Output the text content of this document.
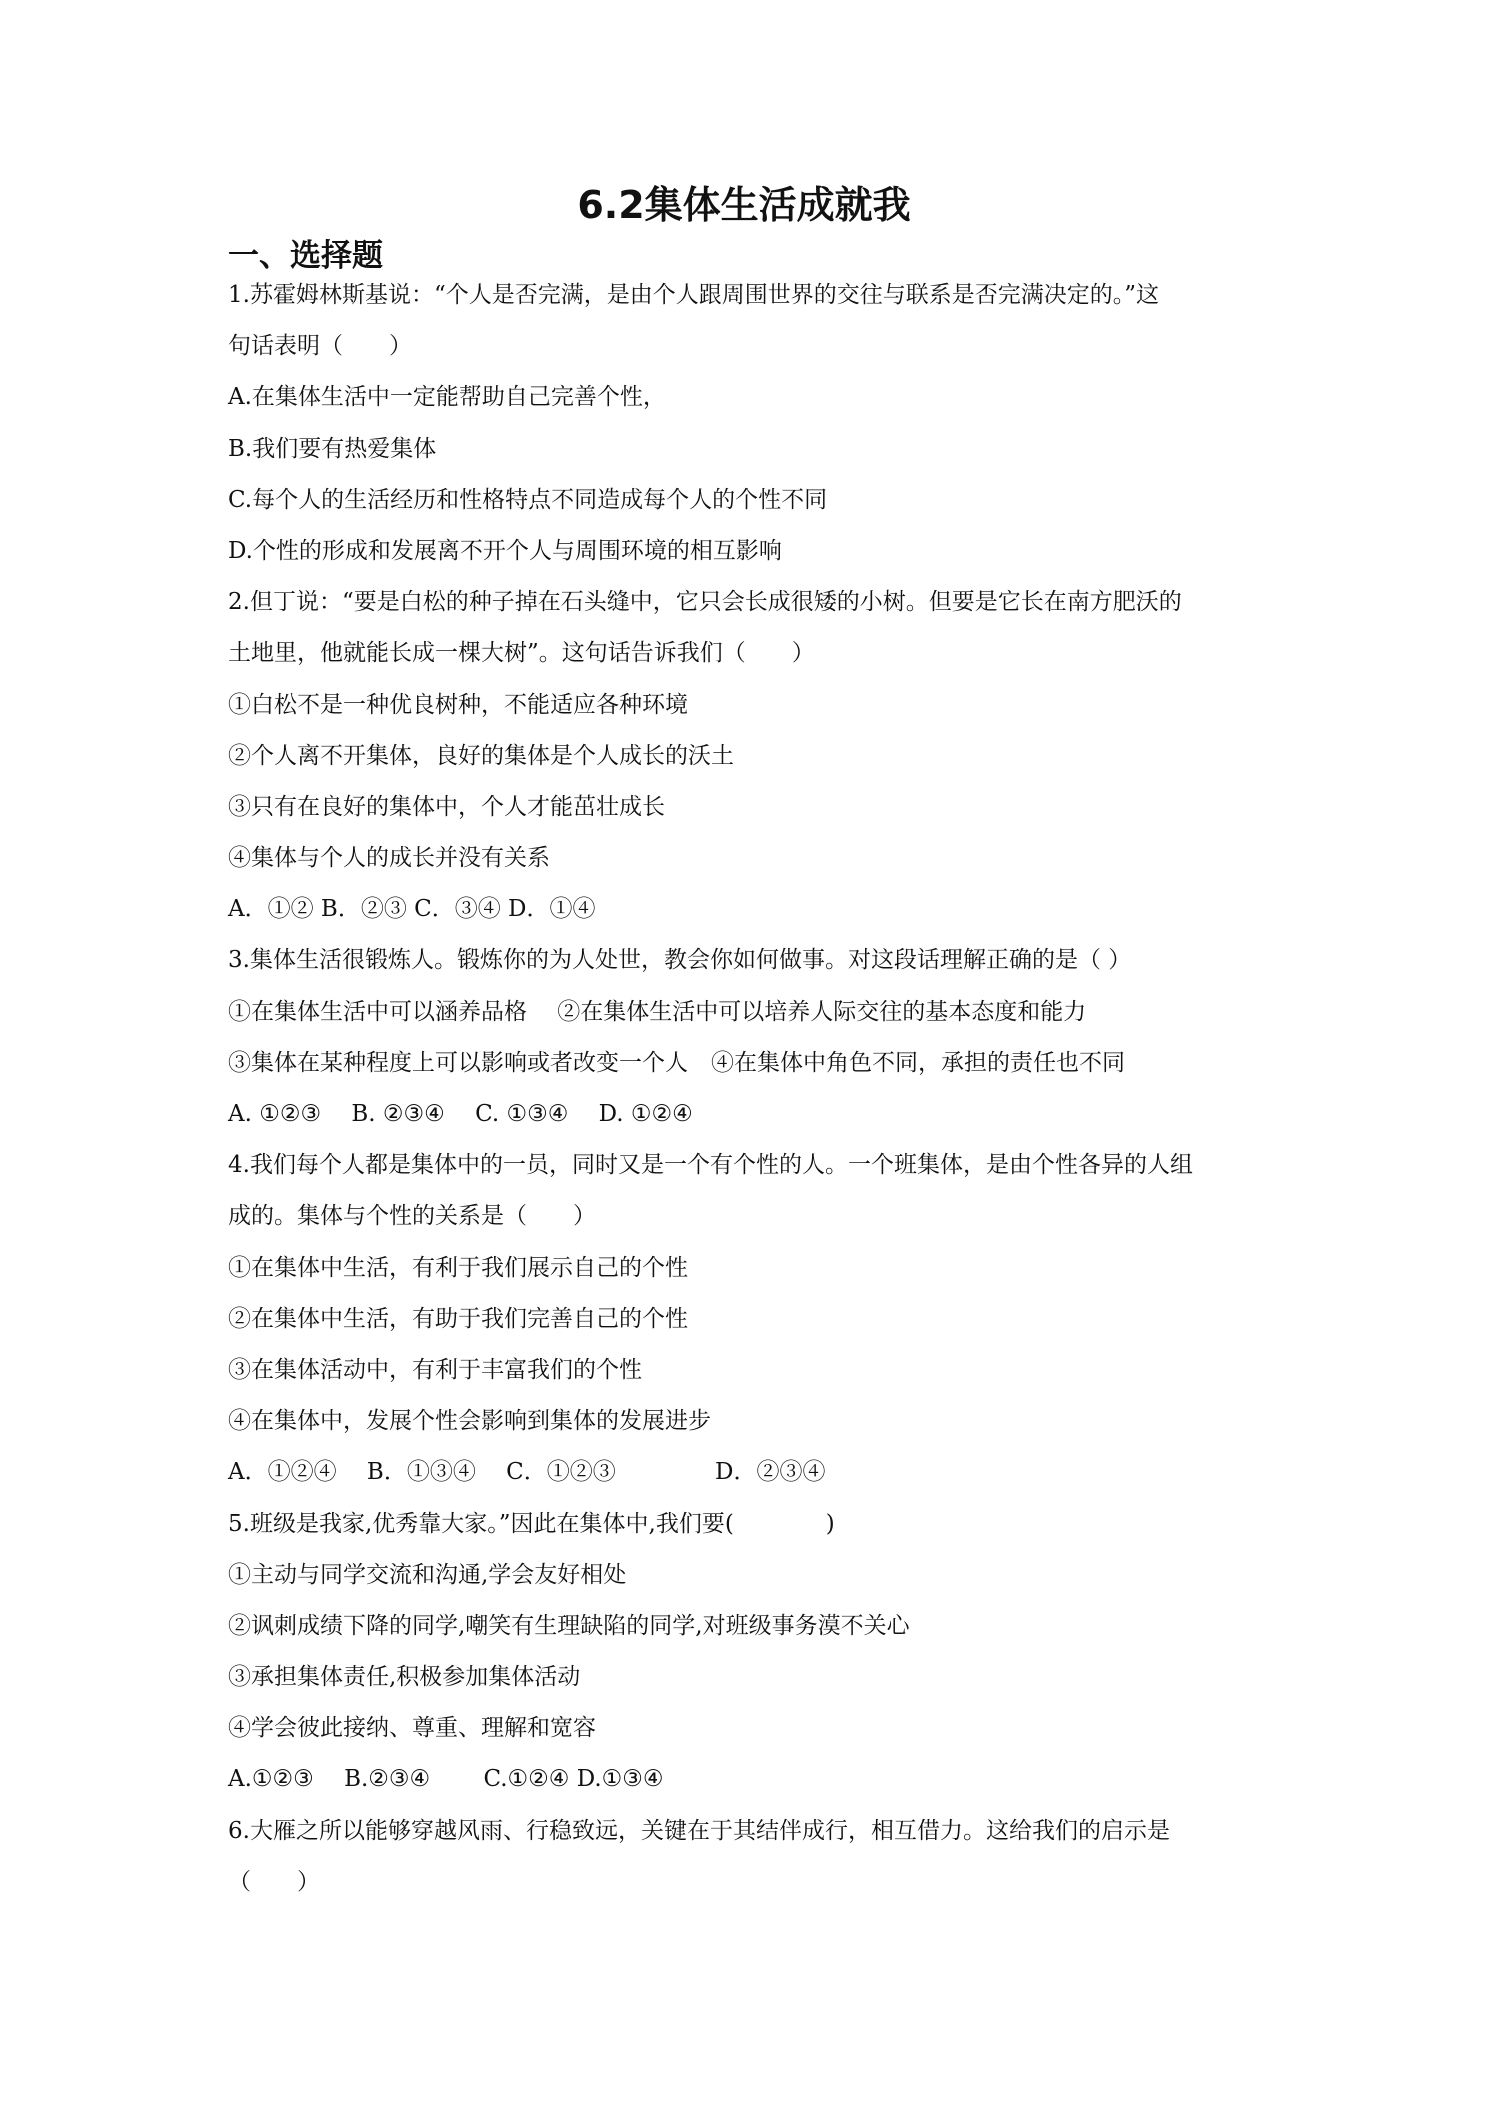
6.2集体生活成就我
一、选择题
1.苏霍姆林斯基说：“个人是否完满，是由个人跟周围世界的交往与联系是否完满决定的。”这
句话表明（　　）
A.在集体生活中一定能帮助自己完善个性，
B.我们要有热爱集体
C.每个人的生活经历和性格特点不同造成每个人的个性不同
D.个性的形成和发展离不开个人与周围环境的相互影响
2.但丁说：“要是白松的种子掉在石头缝中，它只会长成很矮的小树。但要是它长在南方肥沃的
土地里，他就能长成一棵大树”。这句话告诉我们（　　）
①白松不是一种优良树种，不能适应各种环境
②个人离不开集体，良好的集体是个人成长的沃土
③只有在良好的集体中，个人才能茁壮成长
④集体与个人的成长并没有关系
A．①② B．②③ C．③④ D．①④
3.集体生活很锻炼人。锻炼你的为人处世，教会你如何做事。对这段话理解正确的是（ ）
①在集体生活中可以涵养品格　 ②在集体生活中可以培养人际交往的基本态度和能力
③集体在某种程度上可以影响或者改变一个人　④在集体中角色不同，承担的责任也不同
A. ①②③　 B. ②③④　 C. ①③④　 D. ①②④
4.我们每个人都是集体中的一员，同时又是一个有个性的人。一个班集体，是由个性各异的人组
成的。集体与个性的关系是（　　）
①在集体中生活，有利于我们展示自己的个性
②在集体中生活，有助于我们完善自己的个性
③在集体活动中，有利于丰富我们的个性
④在集体中，发展个性会影响到集体的发展进步
A．①②④　 B．①③④　 C．①②③　　　　 D．②③④
5.班级是我家,优秀靠大家。”因此在集体中,我们要(　　　　)
①主动与同学交流和沟通,学会友好相处
②讽刺成绩下降的同学,嘲笑有生理缺陷的同学,对班级事务漠不关心
③承担集体责任,积极参加集体活动
④学会彼此接纳、尊重、理解和宽容
A.①②③　 B.②③④　　 C.①②④ D.①③④
6.大雁之所以能够穿越风雨、行稳致远，关键在于其结伴成行，相互借力。这给我们的启示是
（　　）
